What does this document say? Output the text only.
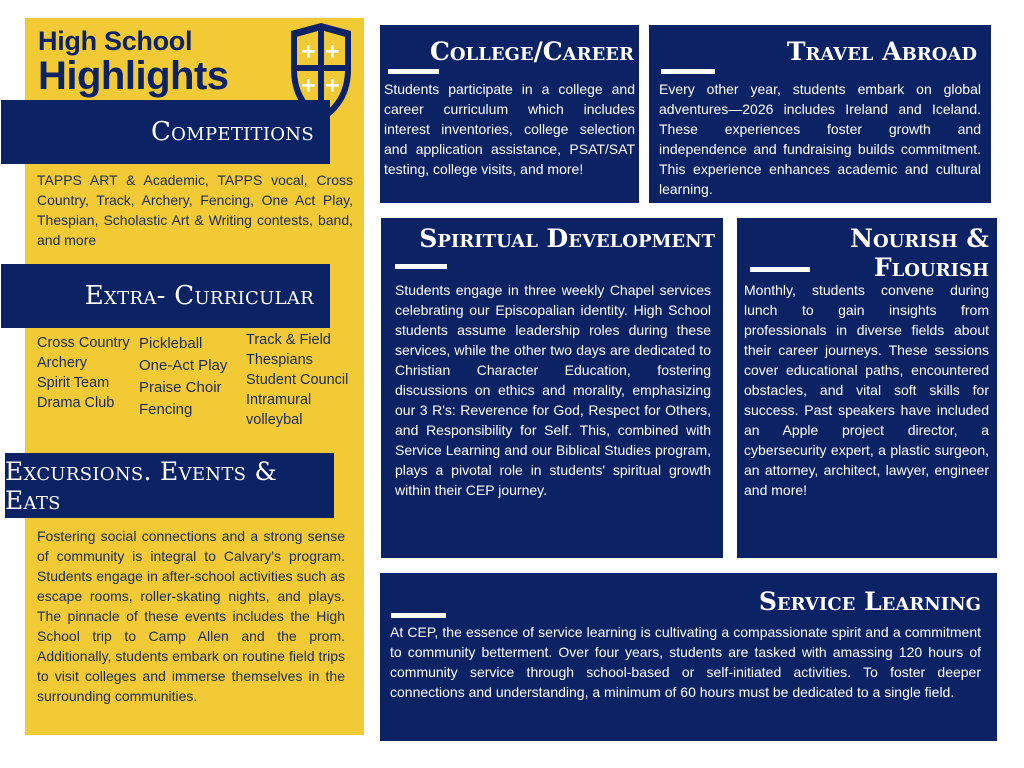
High School
Highlights
Competitions

TAPPS ART & Academic, TAPPS vocal, Cross Country, Track, Archery, Fencing, One Act Play, Thespian, Scholastic Art & Writing contests, band, and more

Extra- Curricular
Cross Country
Archery
Spirit Team
Drama Club
Pickleball
One-Act Play
Praise Choir
Fencing
Track & Field
Thespians
Student Council
Intramural
volleybal
Excursions. Events & Eats

Fostering social connections and a strong sense of community is integral to Calvary's program. Students engage in after-school activities such as escape rooms, roller-skating nights, and plays. The pinnacle of these events includes the High School trip to Camp Allen and the prom. Additionally, students embark on routine field trips to visit colleges and immerse themselves in the surrounding communities.

College/Career

Students participate in a college and career curriculum which includes interest inventories, college selection and application assistance, PSAT/SAT testing, college visits, and more!

Travel Abroad

Every other year, students embark on global adventures—2026 includes Ireland and Iceland. These experiences foster growth and independence and fundraising builds commitment. This experience enhances academic and cultural learning.

Spiritual Development

Students engage in three weekly Chapel services celebrating our Episcopalian identity. High School students assume leadership roles during these services, while the other two days are dedicated to Christian Character Education, fostering discussions on ethics and morality, emphasizing our 3 R's: Reverence for God, Respect for Others, and Responsibility for Self. This, combined with Service Learning and our Biblical Studies program, plays a pivotal role in students' spiritual growth within their CEP journey.

Nourish & Flourish

Monthly, students convene during lunch to gain insights from professionals in diverse fields about their career journeys. These sessions cover educational paths, encountered obstacles, and vital soft skills for success. Past speakers have included an Apple project director, a cybersecurity expert, a plastic surgeon, an attorney, architect, lawyer, engineer and more!

Service Learning

At CEP, the essence of service learning is cultivating a compassionate spirit and a commitment to community betterment. Over four years, students are tasked with amassing 120 hours of community service through school-based or self-initiated activities. To foster deeper connections and understanding, a minimum of 60 hours must be dedicated to a single field.
